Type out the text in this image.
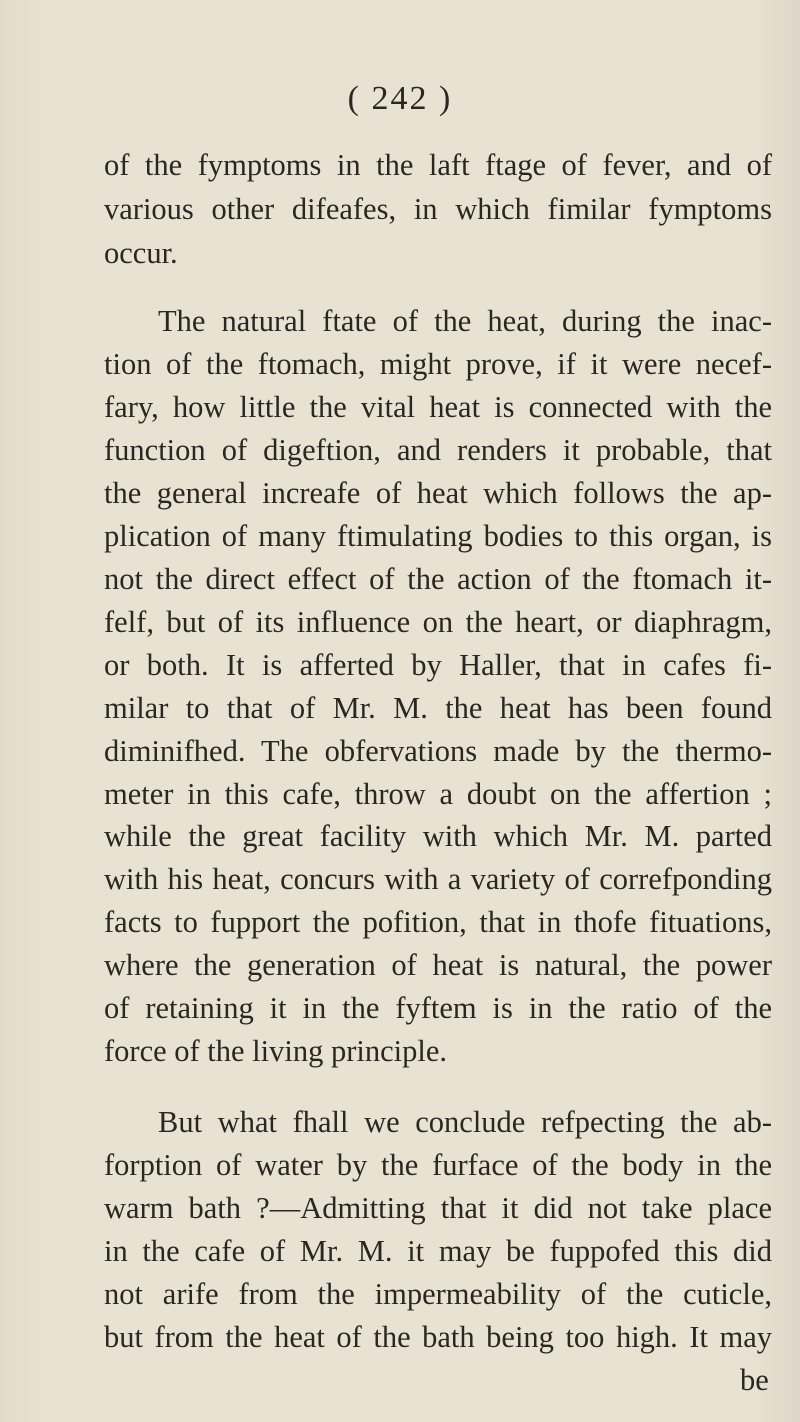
( 242 )
of the fymptoms in the laft ftage of fever, and of
various other difeafes, in which fimilar fymptoms
occur.
The natural ftate of the heat, during the inac-
tion of the ftomach, might prove, if it were necef-
fary, how little the vital heat is connected with the
function of digeftion, and renders it probable, that
the general increafe of heat which follows the ap-
plication of many ftimulating bodies to this organ, is
not the direct effect of the action of the ftomach it-
felf, but of its influence on the heart, or diaphragm,
or both. It is afferted by Haller, that in cafes fi-
milar to that of Mr. M. the heat has been found
diminifhed. The obfervations made by the thermo-
meter in this cafe, throw a doubt on the affertion ;
while the great facility with which Mr. M. parted
with his heat, concurs with a variety of correfponding
facts to fupport the pofition, that in thofe fituations,
where the generation of heat is natural, the power
of retaining it in the fyftem is in the ratio of the
force of the living principle.
But what fhall we conclude refpecting the ab-
forption of water by the furface of the body in the
warm bath ?—Admitting that it did not take place
in the cafe of Mr. M. it may be fuppofed this did
not arife from the impermeability of the cuticle,
but from the heat of the bath being too high. It may
be
